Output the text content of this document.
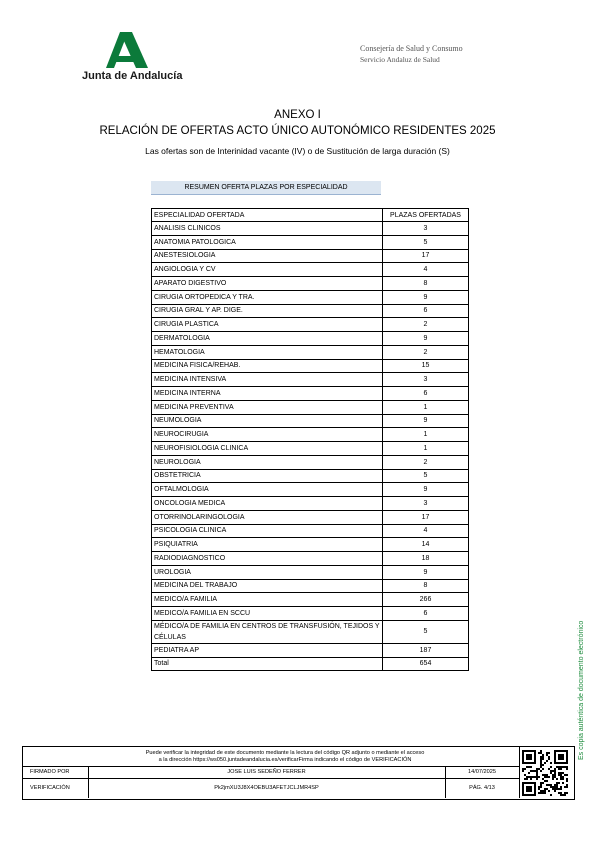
Junta de Andalucía
Consejería de Salud y Consumo
Servicio Andaluz de Salud
ANEXO I
RELACIÓN DE OFERTAS ACTO ÚNICO AUTONÓMICO RESIDENTES 2025
Las ofertas son de Interinidad vacante (IV) o de Sustitución de larga duración (S)
RESUMEN OFERTA PLAZAS POR ESPECIALIDAD
ESPECIALIDAD OFERTADA	PLAZAS OFERTADAS
ANALISIS CLINICOS	3
ANATOMIA PATOLOGICA	5
ANESTESIOLOGIA	17
ANGIOLOGIA Y CV	4
APARATO DIGESTIVO	8
CIRUGIA ORTOPEDICA Y TRA.	9
CIRUGIA GRAL Y AP. DIGE.	6
CIRUGIA PLASTICA	2
DERMATOLOGIA	9
HEMATOLOGIA	2
MEDICINA FISICA/REHAB.	15
MEDICINA INTENSIVA	3
MEDICINA INTERNA	6
MEDICINA PREVENTIVA	1
NEUMOLOGIA	9
NEUROCIRUGIA	1
NEUROFISIOLOGIA CLINICA	1
NEUROLOGIA	2
OBSTETRICIA	5
OFTALMOLOGIA	9
ONCOLOGIA MEDICA	3
OTORRINOLARINGOLOGIA	17
PSICOLOGIA CLINICA	4
PSIQUIATRIA	14
RADIODIAGNOSTICO	18
UROLOGIA	9
MEDICINA DEL TRABAJO	8
MEDICO/A FAMILIA	266
MEDICO/A FAMILIA EN SCCU	6
MÉDICO/A DE FAMILIA EN CENTROS DE TRANSFUSIÓN, TEJIDOS Y CÉLULAS	5
PEDIATRA AP	187
Total	654	Es copia auténtica de documento electrónico
Puede verificar la integridad de este documento mediante la lectura del código QR adjunto o mediante el acceso
a la dirección https://ws050.juntadeandalucia.es/verificarFirma indicando el código de VERIFICACIÓN
FIRMADO POR	JOSE LUIS SEDEÑO FERRER	14/07/2025
VERIFICACIÓN	Pk2jmXU3J8X4OEBU3AFETJCLJMR4SP	PÁG. 4/13
